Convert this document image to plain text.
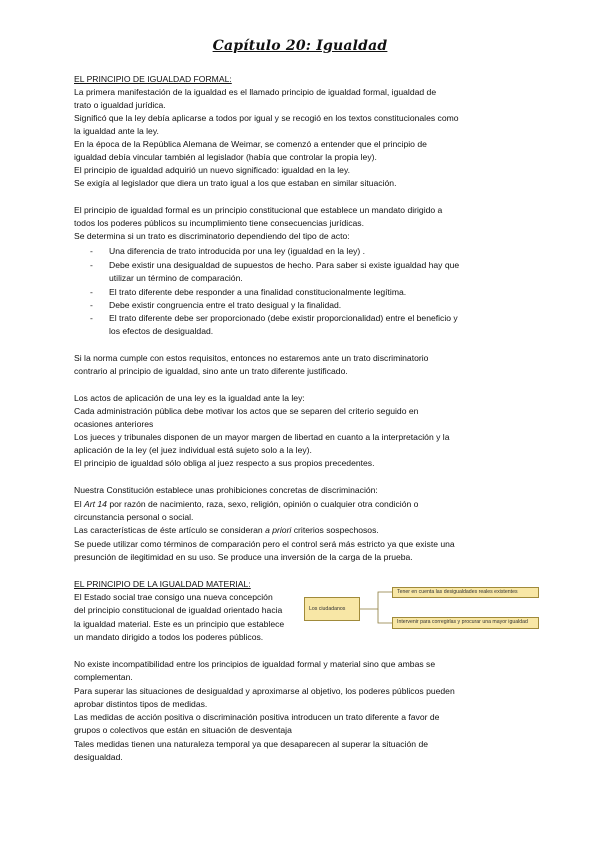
Capítulo 20: Igualdad
EL PRINCIPIO DE IGUALDAD FORMAL:
La primera manifestación de la igualdad es el llamado principio de igualdad formal, igualdad de
trato o igualdad jurídica.
Significó que la ley debía aplicarse a todos por igual y se recogió en los textos constitucionales como
la igualdad ante la ley.
En la época de la República Alemana de Weimar, se comenzó a entender que el principio de
igualdad debía vincular también al legislador (había que controlar la propia ley).
El principio de igualdad adquirió un nuevo significado: igualdad en la ley.
Se exigía al legislador que diera un trato igual a los que estaban en similar situación.
El principio de igualdad formal es un principio constitucional que establece un mandato dirigido a
todos los poderes públicos su incumplimiento tiene consecuencias jurídicas.
Se determina si un trato es discriminatorio dependiendo del tipo de acto:
- Una diferencia de trato introducida por una ley (igualdad en la ley) .
- Debe existir una desigualdad de supuestos de hecho. Para saber si existe igualdad hay que
utilizar un término de comparación.
- El trato diferente debe responder a una finalidad constitucionalmente legítima.
- Debe existir congruencia entre el trato desigual y la finalidad.
- El trato diferente debe ser proporcionado (debe existir proporcionalidad) entre el beneficio y
los efectos de desigualdad.
Si la norma cumple con estos requisitos, entonces no estaremos ante un trato discriminatorio
contrario al principio de igualdad, sino ante un trato diferente justificado.
Los actos de aplicación de una ley es la igualdad ante la ley:
Cada administración pública debe motivar los actos que se separen del criterio seguido en
ocasiones anteriores
Los jueces y tribunales disponen de un mayor margen de libertad en cuanto a la interpretación y la
aplicación de la ley (el juez individual está sujeto solo a la ley).
El principio de igualdad sólo obliga al juez respecto a sus propios precedentes.
Nuestra Constitución establece unas prohibiciones concretas de discriminación:
El Art 14 por razón de nacimiento, raza, sexo, religión, opinión o cualquier otra condición o
circunstancia personal o social.
Las características de éste artículo se consideran a priori criterios sospechosos.
Se puede utilizar como términos de comparación pero el control será más estricto ya que existe una
presunción de ilegitimidad en su uso. Se produce una inversión de la carga de la prueba.
EL PRINCIPIO DE LA IGUALDAD MATERIAL:
El Estado social trae consigo una nueva concepción
del principio constitucional de igualdad orientado hacia
la igualdad material. Este es un principio que establece
un mandato dirigido a todos los poderes públicos.
Los ciudadanos
Tener en cuenta las desigualdades reales existentes
Intervenir para corregirlas y procurar una mayor igualdad
No existe incompatibilidad entre los principios de igualdad formal y material sino que ambas se
complementan.
Para superar las situaciones de desigualdad y aproximarse al objetivo, los poderes públicos pueden
aprobar distintos tipos de medidas.
Las medidas de acción positiva o discriminación positiva introducen un trato diferente a favor de
grupos o colectivos que están en situación de desventaja
Tales medidas tienen una naturaleza temporal ya que desaparecen al superar la situación de
desigualdad.
